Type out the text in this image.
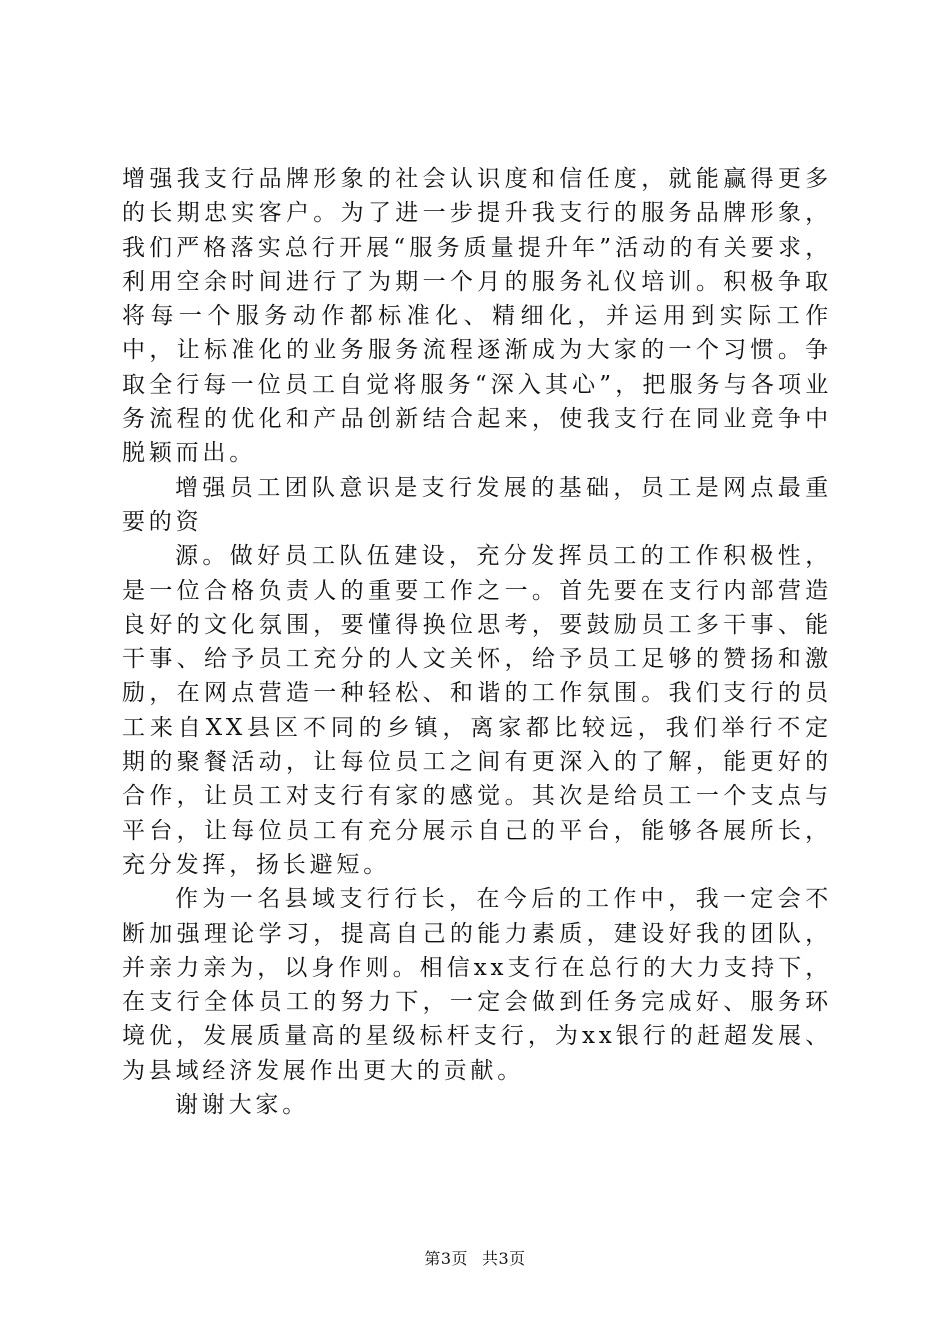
增强我支行品牌形象的社会认识度和信任度，就能赢得更多的长期忠实客户。为了进一步提升我支行的服务品牌形象，我们严格落实总行开展“服务质量提升年”活动的有关要求，利用空余时间进行了为期一个月的服务礼仪培训。积极争取将每一个服务动作都标准化、精细化，并运用到实际工作中，让标准化的业务服务流程逐渐成为大家的一个习惯。争取全行每一位员工自觉将服务“深入其心”，把服务与各项业务流程的优化和产品创新结合起来，使我支行在同业竞争中脱颖而出。

增强员工团队意识是支行发展的基础，员工是网点最重要的资

源。做好员工队伍建设，充分发挥员工的工作积极性，是一位合格负责人的重要工作之一。首先要在支行内部营造良好的文化氛围，要懂得换位思考，要鼓励员工多干事、能干事、给予员工充分的人文关怀，给予员工足够的赞扬和激励，在网点营造一种轻松、和谐的工作氛围。我们支行的员工来自XX县区不同的乡镇，离家都比较远，我们举行不定期的聚餐活动，让每位员工之间有更深入的了解，能更好的合作，让员工对支行有家的感觉。其次是给员工一个支点与平台，让每位员工有充分展示自己的平台，能够各展所长，充分发挥，扬长避短。

作为一名县域支行行长，在今后的工作中，我一定会不断加强理论学习，提高自己的能力素质，建设好我的团队，并亲力亲为，以身作则。相信xx支行在总行的大力支持下，在支行全体员工的努力下，一定会做到任务完成好、服务环境优，发展质量高的星级标杆支行，为xx银行的赶超发展、为县域经济发展作出更大的贡献。

谢谢大家。

第3页 共3页
